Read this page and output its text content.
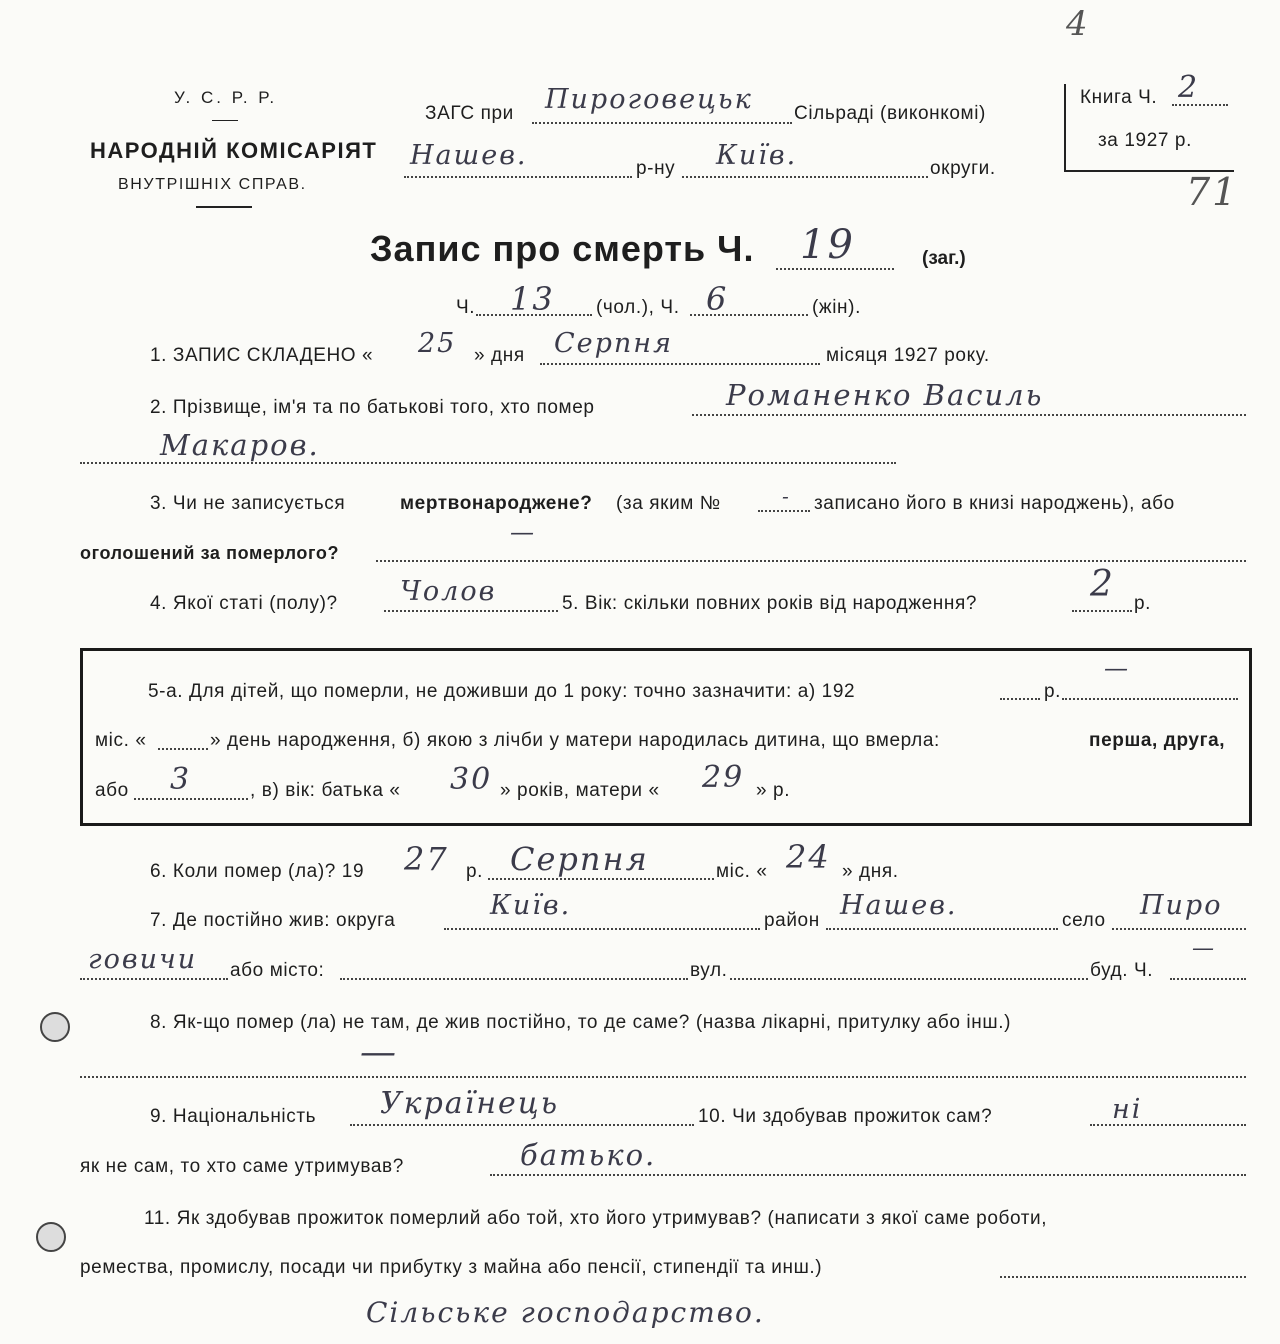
У. С. Р. Р.
НАРОДНІЙ КОМІСАРІЯТ
ВНУТРІШНІХ СПРАВ.
ЗАГС при Пироговецьк Сільраді (виконкомі)
Нашев.	р-ну Київ.	округи.
Книга Ч. 2
за 1927 р.
4
71
Запис про смерть Ч. 19	(заг.)
Ч. 13 (чол.), Ч. 6	(жін).
1. ЗАПИС СКЛАДЕНО « 25 » дня Серпня	місяця 1927 року.
2. Прізвище, ім'я та по батькові того, хто помер	Романенко Василь
Макаров.
3. Чи не записується	мертвонароджене? (за яким №	- записано його в книзі народжень), або
оголошений за померлого?
—
4. Якої статі (полу)? Чолов	5. Вік: скільки повних років від народження?	2 р.
5-а. Для дітей, що померли, не доживши до 1 року: точно зазначити: а) 192	р.
—
міс. «	» день народження, б) якою з лічби у матери народилась дитина, що вмерла:	перша, друга,
або 3	, в) вік: батька « 30 » років, матери « 29 » р.
6. Коли помер (ла)? 19 27 р. Серпня	міс. « 24 » дня.
7. Де постійно жив: округа	Київ.	район Нашев.	село Пиро
говичи або місто:	вул.	буд. Ч.
—
8. Як-що помер (ла) не там, де жив постійно, то де саме? (назва лікарні, притулку або інш.)
—
9. Національність Українець	10. Чи здобував прожиток сам?	ні
як не сам, то хто саме утримував?	батько.
11. Як здобував прожиток померлий або той, хто його утримував? (написати з якої саме роботи,
ремества, промислу, посади чи прибутку з майна або пенсії, стипендії та инш.)
Сільське господарство.
